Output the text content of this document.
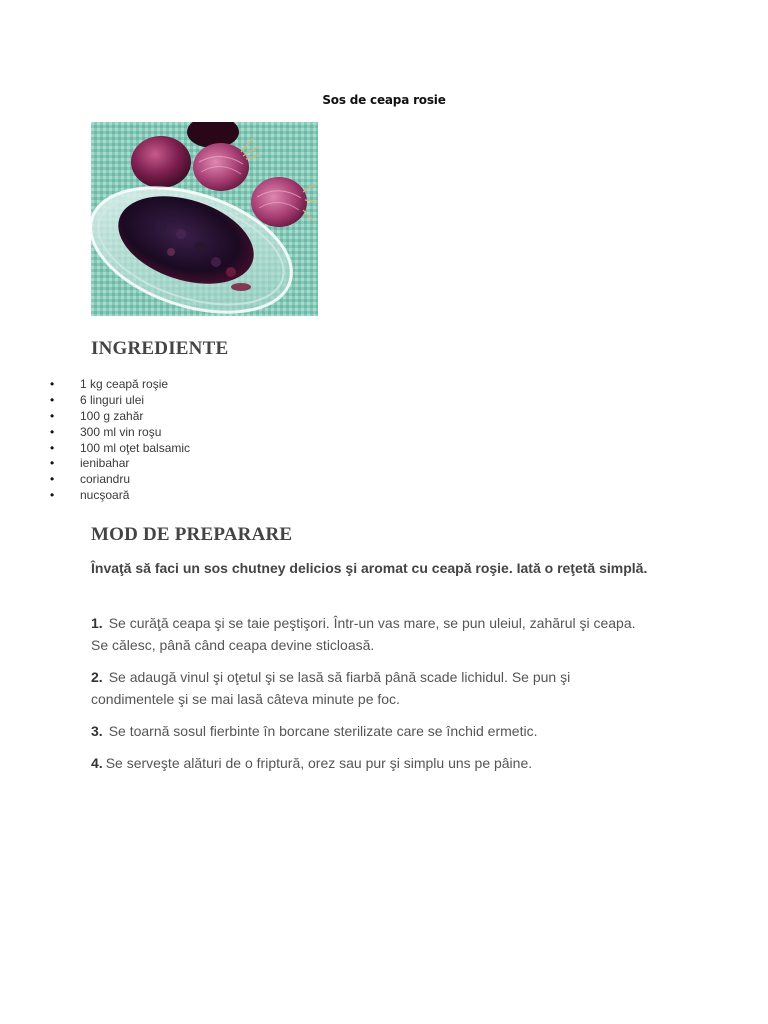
Sos de ceapa rosie
INGREDIENTE
• 1 kg ceapă roşie
• 6 linguri ulei
• 100 g zahăr
• 300 ml vin roşu
• 100 ml oţet balsamic
• ienibahar
• coriandru
• nucşoară
MOD DE PREPARARE

Învaţă să faci un sos chutney delicios şi aromat cu ceapă roşie. Iată o reţetă simplă.

1. Se curăţă ceapa şi se taie peştişori. Într-un vas mare, se pun uleiul, zahărul şi ceapa. Se călesc, până când ceapa devine sticloasă.

2. Se adaugă vinul şi oţetul şi se lasă să fiarbă până scade lichidul. Se pun şi condimentele şi se mai lasă câteva minute pe foc.

3. Se toarnă sosul fierbinte în borcane sterilizate care se închid ermetic.

4. Se serveşte alături de o friptură, orez sau pur şi simplu uns pe pâine.
